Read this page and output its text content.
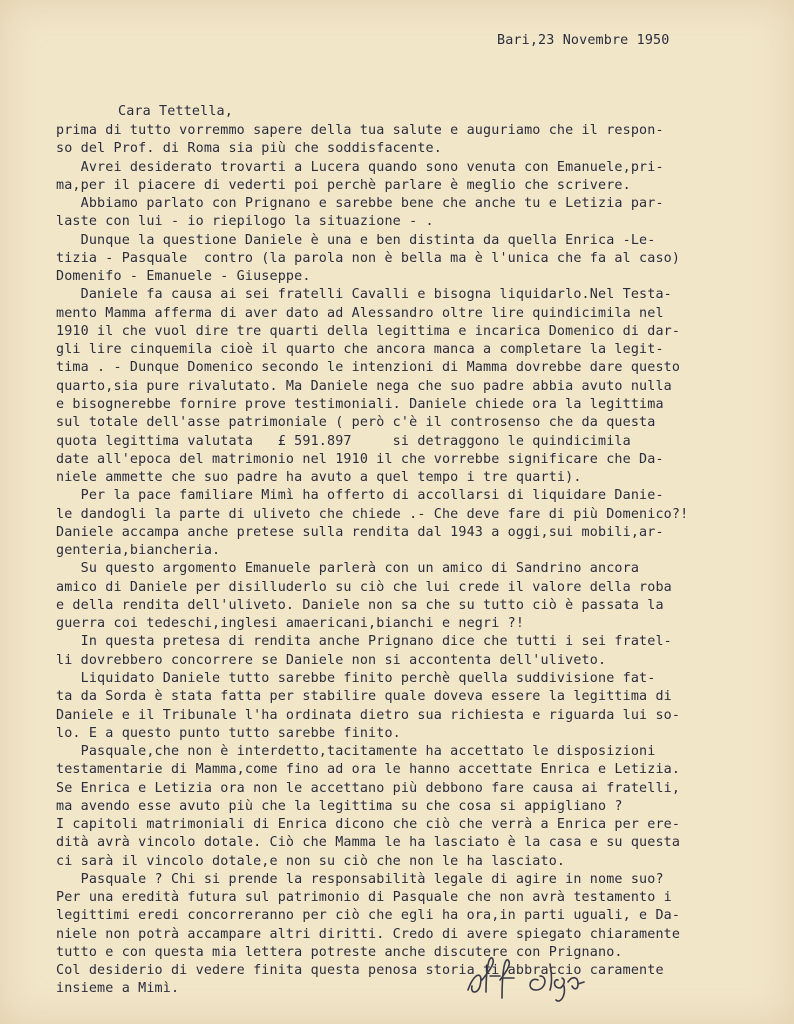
Bari,23 Novembre 1950

Cara Tettella,

prima di tutto vorremmo sapere della tua salute e auguriamo che il respon-
so del Prof. di Roma sia più che soddisfacente.
Avrei desiderato trovarti a Lucera quando sono venuta con Emanuele,pri-
ma,per il piacere di vederti poi perchè parlare è meglio che scrivere.
Abbiamo parlato con Prignano e sarebbe bene che anche tu e Letizia par-
laste con lui - io riepilogo la situazione - .
Dunque la questione Daniele è una e ben distinta da quella Enrica -Le-
tizia - Pasquale  contro (la parola non è bella ma è l'unica che fa al caso)
Domenifo - Emanuele - Giuseppe.
Daniele fa causa ai sei fratelli Cavalli e bisogna liquidarlo.Nel Testa-
mento Mamma afferma di aver dato ad Alessandro oltre lire quindicimila nel
1910 il che vuol dire tre quarti della legittima e incarica Domenico di dar-
gli lire cinquemila cioè il quarto che ancora manca a completare la legit-
tima . - Dunque Domenico secondo le intenzioni di Mamma dovrebbe dare questo
quarto,sia pure rivalutato. Ma Daniele nega che suo padre abbia avuto nulla
e bisognerebbe fornire prove testimoniali. Daniele chiede ora la legittima
sul totale dell'asse patrimoniale ( però c'è il controsenso che da questa
quota legittima valutata   £ 591.897     si detraggono le quindicimila
date all'epoca del matrimonio nel 1910 il che vorrebbe significare che Da-
niele ammette che suo padre ha avuto a quel tempo i tre quarti).
Per la pace familiare Mimì ha offerto di accollarsi di liquidare Danie-
le dandogli la parte di uliveto che chiede .- Che deve fare di più Domenico?!
Daniele accampa anche pretese sulla rendita dal 1943 a oggi,sui mobili,ar-
genteria,biancheria.
Su questo argomento Emanuele parlerà con un amico di Sandrino ancora
amico di Daniele per disilluderlo su ciò che lui crede il valore della roba
e della rendita dell'uliveto. Daniele non sa che su tutto ciò è passata la
guerra coi tedeschi,inglesi amaericani,bianchi e negri ?!
In questa pretesa di rendita anche Prignano dice che tutti i sei fratel-
li dovrebbero concorrere se Daniele non si accontenta dell'uliveto.
Liquidato Daniele tutto sarebbe finito perchè quella suddivisione fat-
ta da Sorda è stata fatta per stabilire quale doveva essere la legittima di
Daniele e il Tribunale l'ha ordinata dietro sua richiesta e riguarda lui so-
lo. E a questo punto tutto sarebbe finito.
Pasquale,che non è interdetto,tacitamente ha accettato le disposizioni
testamentarie di Mamma,come fino ad ora le hanno accettate Enrica e Letizia.
Se Enrica e Letizia ora non le accettano più debbono fare causa ai fratelli,
ma avendo esse avuto più che la legittima su che cosa si appigliano ?
I capitoli matrimoniali di Enrica dicono che ciò che verrà a Enrica per ere-
dità avrà vincolo dotale. Ciò che Mamma le ha lasciato è la casa e su questa
ci sarà il vincolo dotale,e non su ciò che non le ha lasciato.
Pasquale ? Chi si prende la responsabilità legale di agire in nome suo?
Per una eredità futura sul patrimonio di Pasquale che non avrà testamento i
legittimi eredi concorreranno per ciò che egli ha ora,in parti uguali, e Da-
niele non potrà accampare altri diritti. Credo di avere spiegato chiaramente
tutto e con questa mia lettera potreste anche discutere con Prignano.
Col desiderio di vedere finita questa penosa storia ti abbraccio caramente
insieme a Mimì.
